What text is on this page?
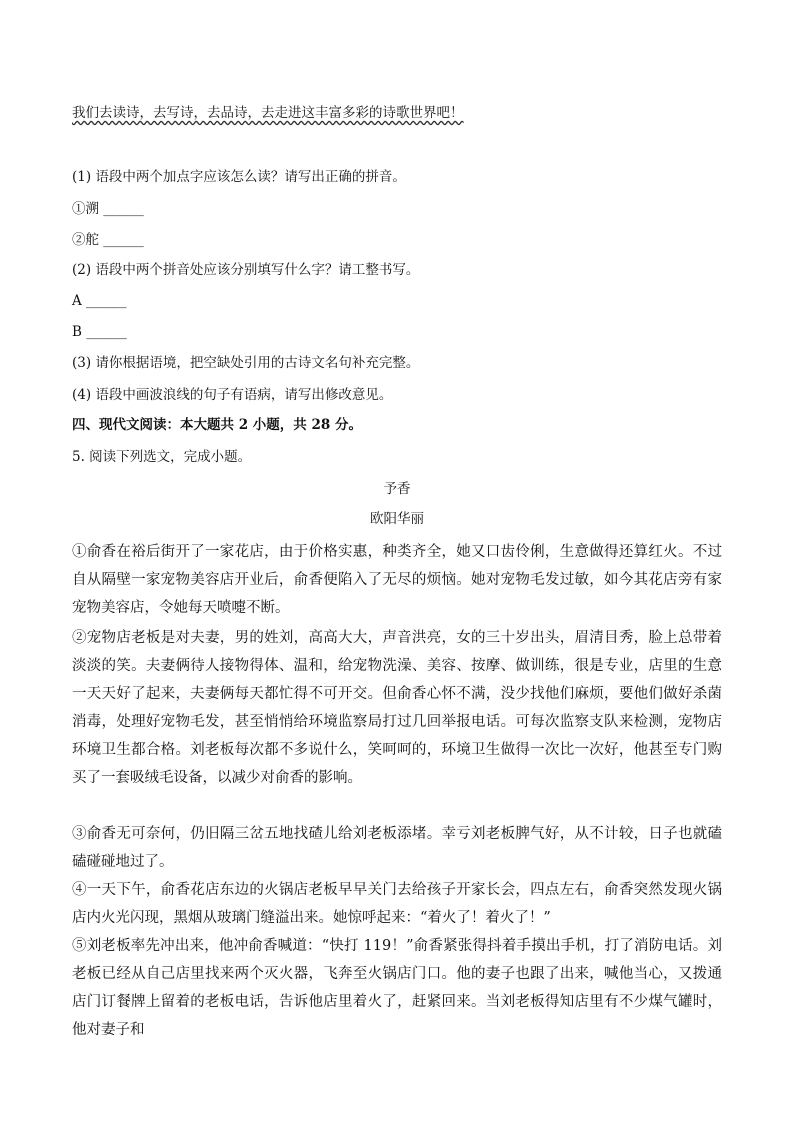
我们去读诗，去写诗，去品诗，去走进这丰富多彩的诗歌世界吧！
(1) 语段中两个加点字应该怎么读？请写出正确的拼音。
①溯 ______
②舵 ______
(2) 语段中两个拼音处应该分别填写什么字？请工整书写。
A ______
B ______
(3) 请你根据语境，把空缺处引用的古诗文名句补充完整。
(4) 语段中画波浪线的句子有语病，请写出修改意见。
四、现代文阅读：本大题共 2 小题，共 28 分。
5. 阅读下列选文，完成小题。
予香
欧阳华丽
①俞香在裕后街开了一家花店，由于价格实惠，种类齐全，她又口齿伶俐，生意做得还算红火。不过自从隔壁一家宠物美容店开业后，俞香便陷入了无尽的烦恼。她对宠物毛发过敏，如今其花店旁有家宠物美容店，令她每天喷嚏不断。
②宠物店老板是对夫妻，男的姓刘，高高大大，声音洪亮，女的三十岁出头，眉清目秀，脸上总带着淡淡的笑。夫妻俩待人接物得体、温和，给宠物洗澡、美容、按摩、做训练，很是专业，店里的生意一天天好了起来，夫妻俩每天都忙得不可开交。但俞香心怀不满，没少找他们麻烦，要他们做好杀菌消毒，处理好宠物毛发，甚至悄悄给环境监察局打过几回举报电话。可每次监察支队来检测，宠物店环境卫生都合格。刘老板每次都不多说什么，笑呵呵的，环境卫生做得一次比一次好，他甚至专门购买了一套吸绒毛设备，以减少对俞香的影响。
③俞香无可奈何，仍旧隔三岔五地找碴儿给刘老板添堵。幸亏刘老板脾气好，从不计较，日子也就磕磕碰碰地过了。
④一天下午，俞香花店东边的火锅店老板早早关门去给孩子开家长会，四点左右，俞香突然发现火锅店内火光闪现，黑烟从玻璃门缝溢出来。她惊呼起来：“着火了！着火了！”
⑤刘老板率先冲出来，他冲俞香喊道：“快打 119！”俞香紧张得抖着手摸出手机，打了消防电话。刘老板已经从自己店里找来两个灭火器，飞奔至火锅店门口。他的妻子也跟了出来，喊他当心，又拨通店门订餐牌上留着的老板电话，告诉他店里着火了，赶紧回来。当刘老板得知店里有不少煤气罐时，他对妻子和
